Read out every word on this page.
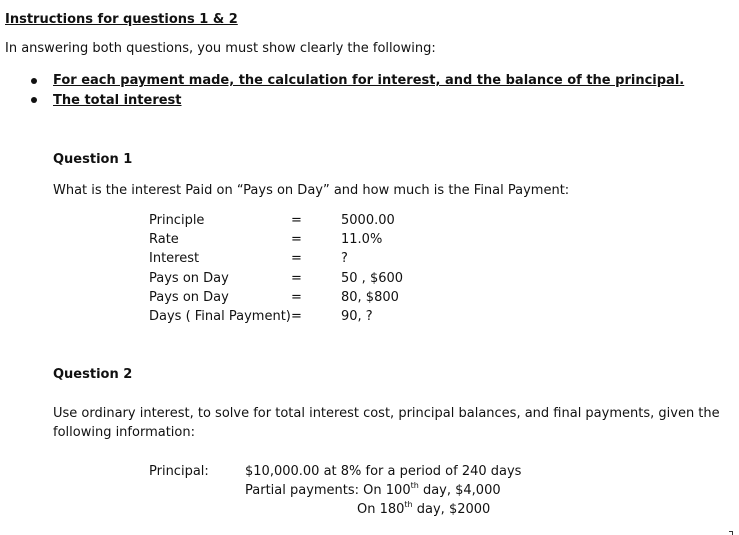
Instructions for questions 1 & 2
In answering both questions, you must show clearly the following:
For each payment made, the calculation for interest, and the balance of the principal.
The total interest
Question 1
What is the interest Paid on “Pays on Day” and how much is the Final Payment:
Principle	=	5000.00
Rate	=	11.0%
Interest	=	?
Pays on Day	=	50 , $600
Pays on Day	=	80, $800
Days ( Final Payment) =	90, ?
Question 2
Use ordinary interest, to solve for total interest cost, principal balances, and final payments, given the
following information:
Principal:	$10,000.00 at 8% for a period of 240 days
Partial payments: On 100th day, $4,000
On 180th day, $2000
